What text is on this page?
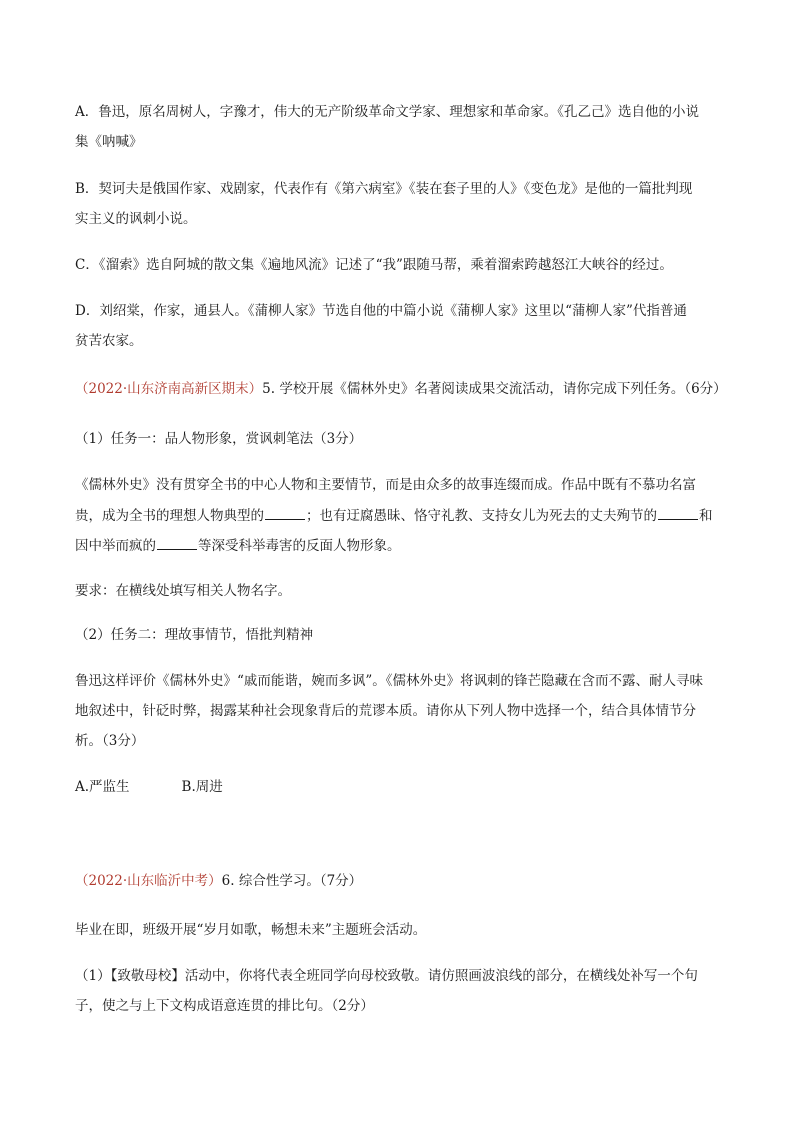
A．鲁迅，原名周树人，字豫才，伟大的无产阶级革命文学家、理想家和革命家。《孔乙己》选自他的小说
集《呐喊》
B．契诃夫是俄国作家、戏剧家，代表作有《第六病室》《装在套子里的人》《变色龙》是他的一篇批判现
实主义的讽刺小说。
C．《溜索》选自阿城的散文集《遍地风流》记述了“我”跟随马帮，乘着溜索跨越怒江大峡谷的经过。
D．刘绍棠，作家，通县人。《蒲柳人家》节选自他的中篇小说《蒲柳人家》这里以“蒲柳人家”代指普通
贫苦农家。
（2022·山东济南高新区期末）5. 学校开展《儒林外史》名著阅读成果交流活动，请你完成下列任务。（6分）
（1）任务一：品人物形象，赏讽刺笔法（3分）
《儒林外史》没有贯穿全书的中心人物和主要情节，而是由众多的故事连缀而成。作品中既有不慕功名富
贵，成为全书的理想人物典型的	；也有迂腐愚昧、恪守礼教、支持女儿为死去的丈夫殉节的	和
因中举而疯的	等深受科举毒害的反面人物形象。
要求：在横线处填写相关人物名字。
（2）任务二：理故事情节，悟批判精神
鲁迅这样评价《儒林外史》“戚而能谐，婉而多讽”。《儒林外史》将讽刺的锋芒隐藏在含而不露、耐人寻味
地叙述中，针砭时弊，揭露某种社会现象背后的荒谬本质。请你从下列人物中选择一个，结合具体情节分
析。（3分）
A.严监生	B.周进
（2022·山东临沂中考）6. 综合性学习。（7分）
毕业在即，班级开展“岁月如歌，畅想未来”主题班会活动。
（1）【致敬母校】活动中，你将代表全班同学向母校致敬。请仿照画波浪线的部分，在横线处补写一个句
子，使之与上下文构成语意连贯的排比句。（2分）
